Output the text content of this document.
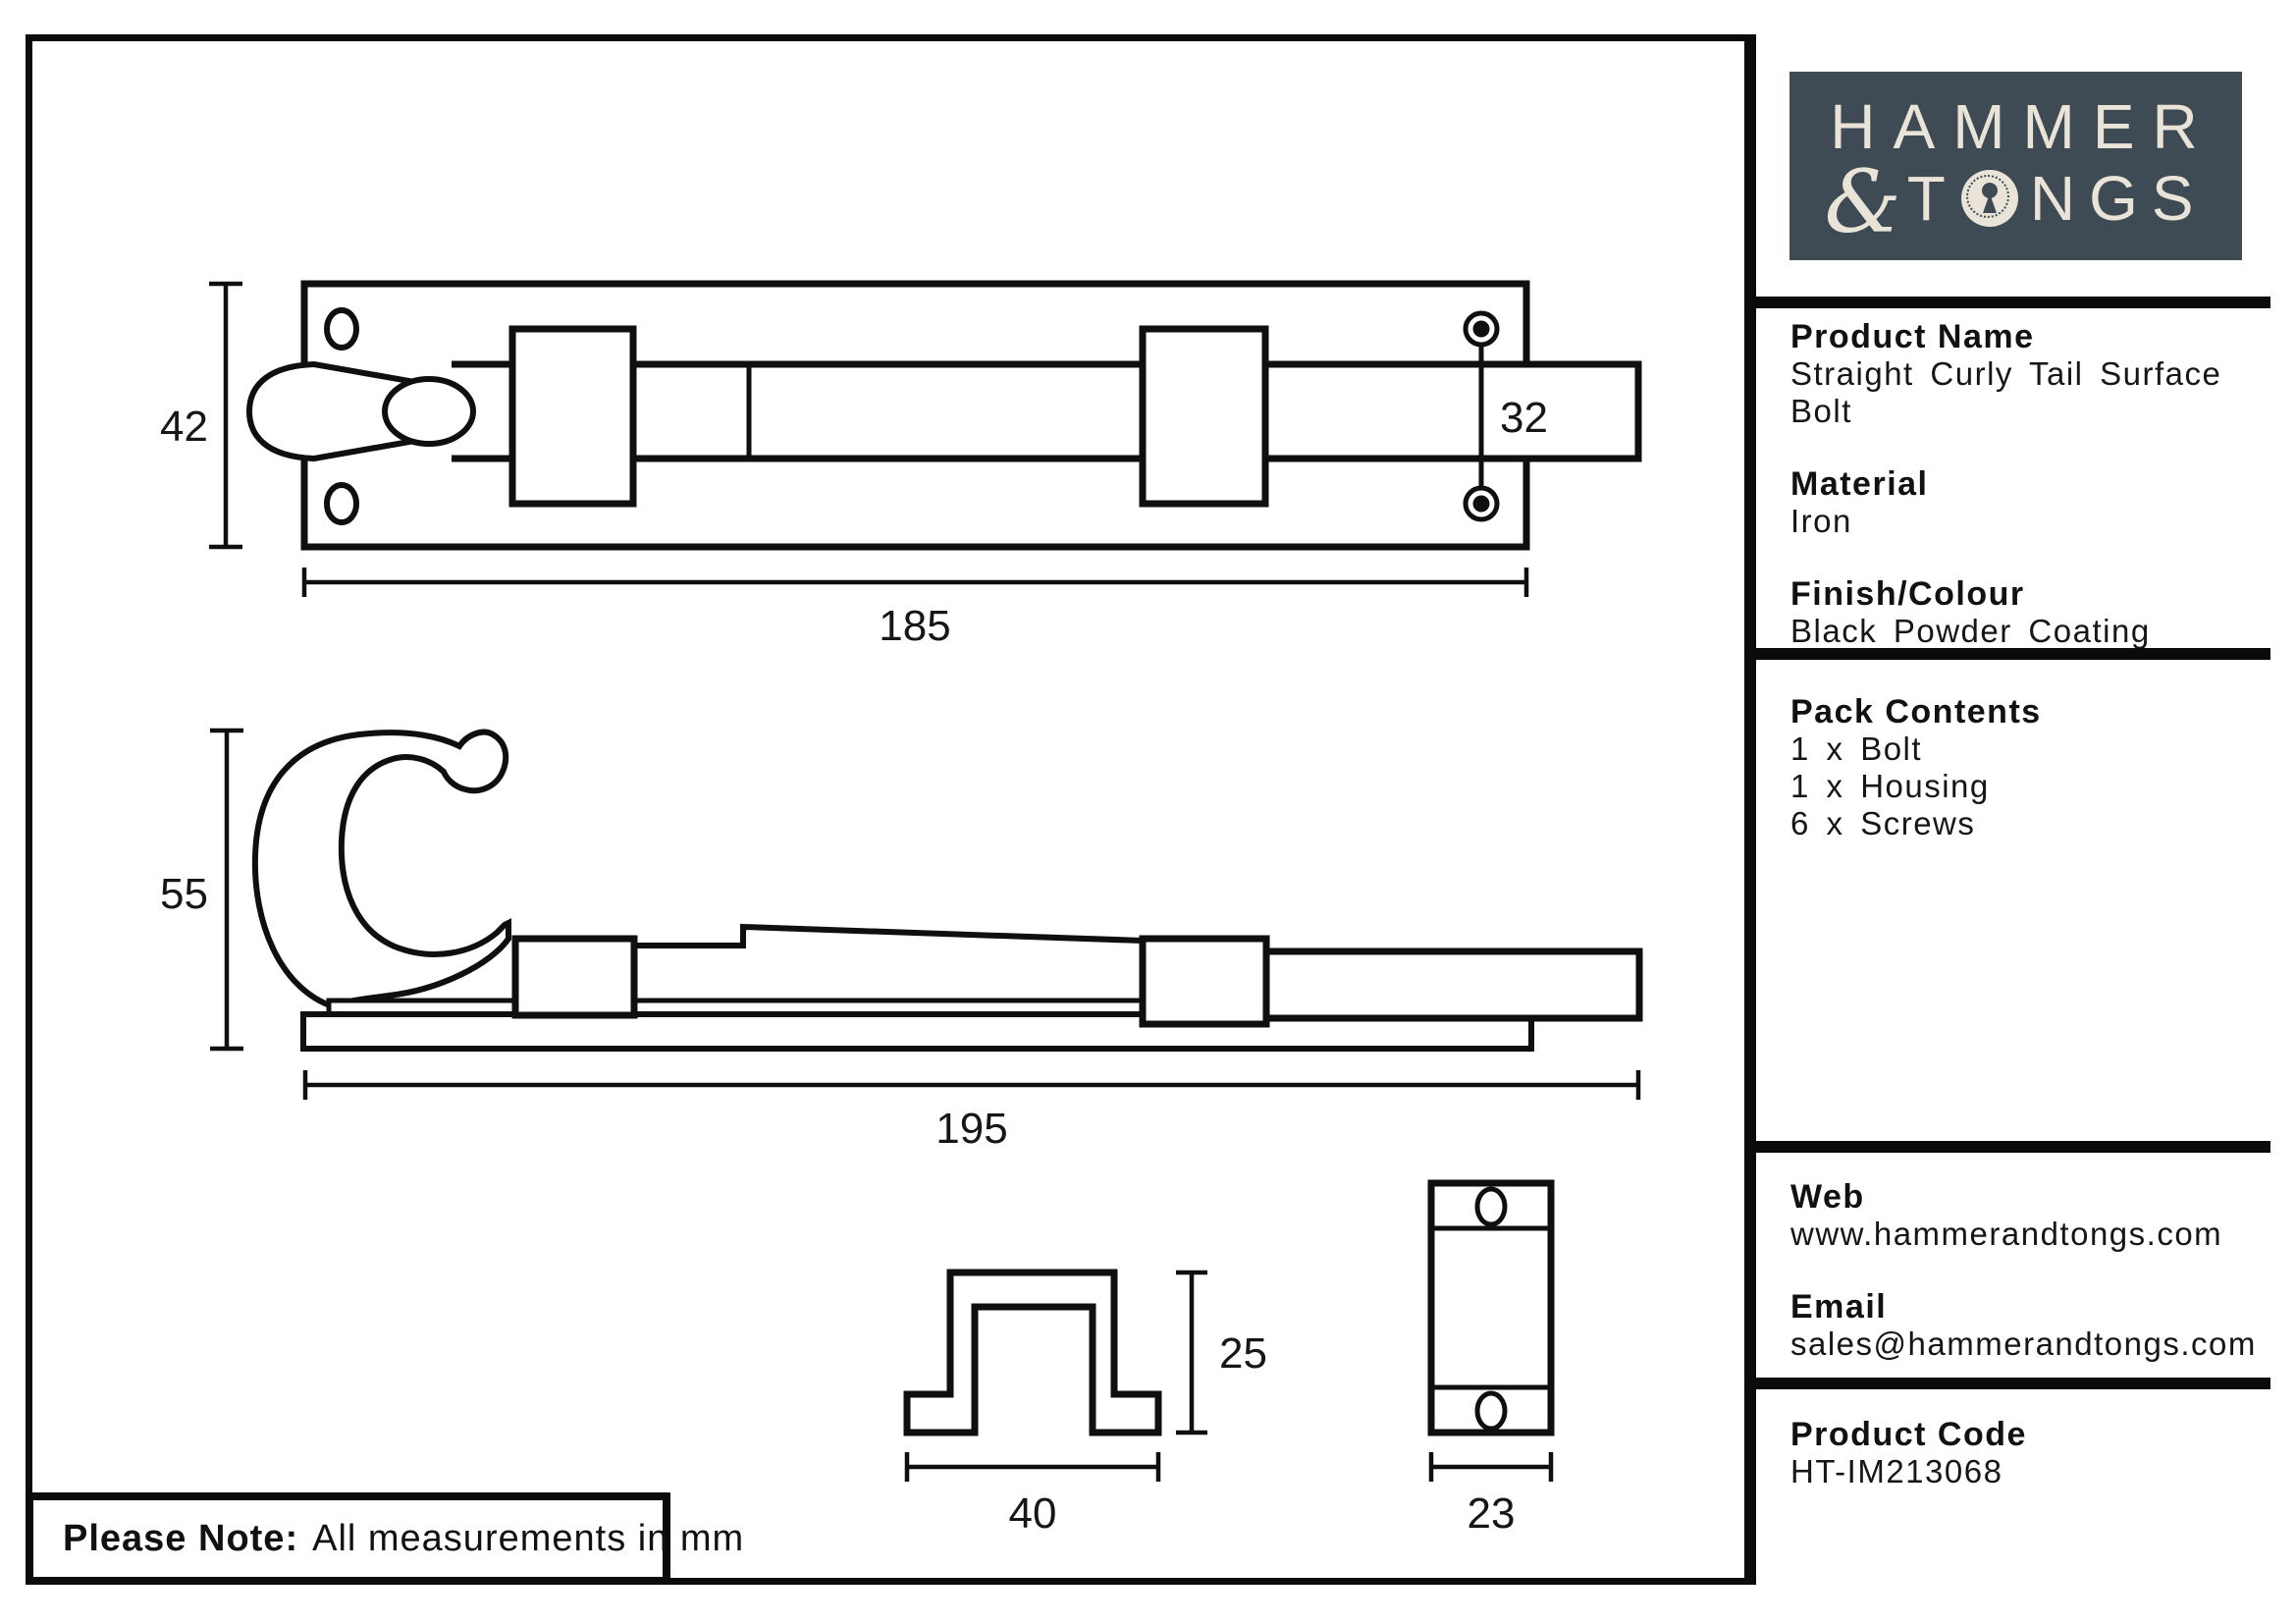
42
185
32
55
195
25
40	23
Please Note: All measurements in mm
HAMMER
& T NGS
Product Name
Straight Curly Tail Surface Bolt
Material
Iron
Finish/Colour
Black Powder Coating
Pack Contents
1 x Bolt
1 x Housing
6 x Screws
Web
www.hammerandtongs.com
Email
sales@hammerandtongs.com
Product Code
HT-IM213068
